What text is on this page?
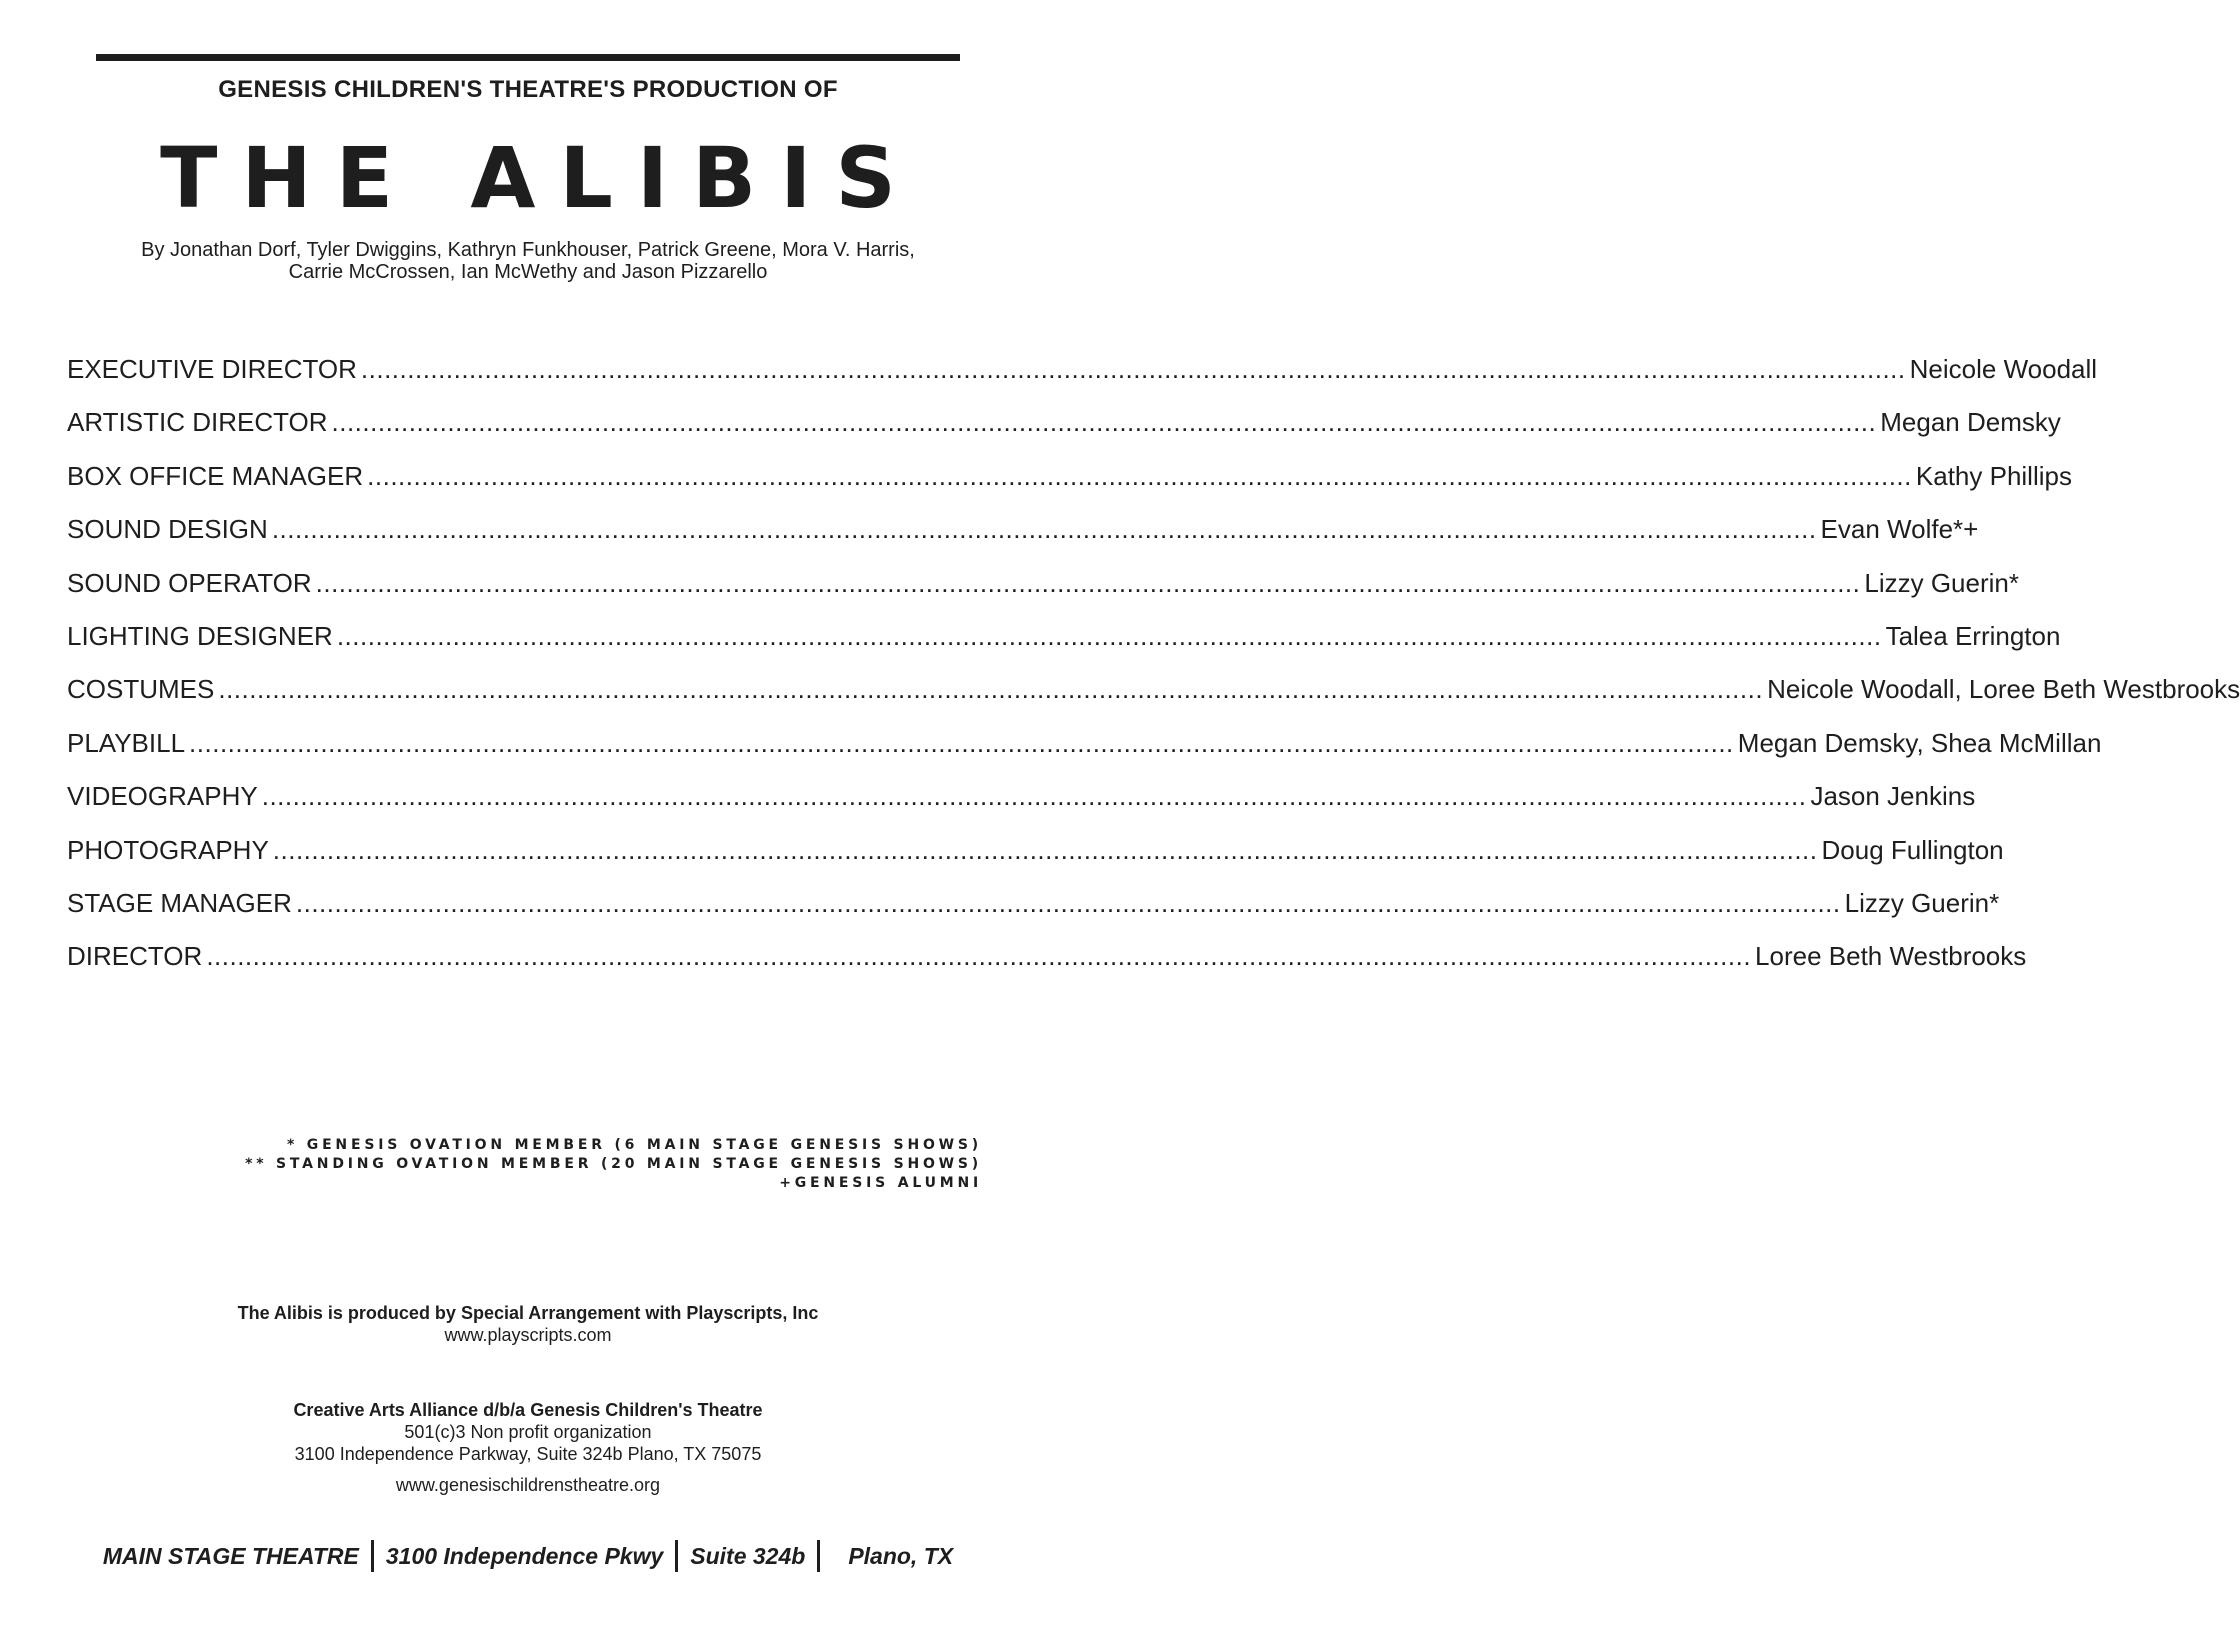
GENESIS CHILDREN'S THEATRE'S PRODUCTION OF
THE ALIBIS
By Jonathan Dorf, Tyler Dwiggins, Kathryn Funkhouser, Patrick Greene, Mora V. Harris,
Carrie McCrossen, Ian McWethy and Jason Pizzarello
EXECUTIVE DIRECTOR ........................................................................................................................................................................................................ Neicole Woodall
ARTISTIC DIRECTOR ........................................................................................................................................................................................................ Megan Demsky
BOX OFFICE MANAGER ........................................................................................................................................................................................................ Kathy Phillips
SOUND DESIGN ........................................................................................................................................................................................................ Evan Wolfe*+
SOUND OPERATOR ........................................................................................................................................................................................................ Lizzy Guerin*
LIGHTING DESIGNER ........................................................................................................................................................................................................ Talea Errington
COSTUMES ........................................................................................................................................................................................................ Neicole Woodall, Loree Beth Westbrooks
PLAYBILL ........................................................................................................................................................................................................ Megan Demsky, Shea McMillan
VIDEOGRAPHY ........................................................................................................................................................................................................ Jason Jenkins
PHOTOGRAPHY ........................................................................................................................................................................................................ Doug Fullington
STAGE MANAGER ........................................................................................................................................................................................................ Lizzy Guerin*
DIRECTOR ........................................................................................................................................................................................................ Loree Beth Westbrooks
* GENESIS OVATION MEMBER (6 MAIN STAGE GENESIS SHOWS)
** STANDING OVATION MEMBER (20 MAIN STAGE GENESIS SHOWS)
+GENESIS ALUMNI
The Alibis is produced by Special Arrangement with Playscripts, Inc
www.playscripts.com
Creative Arts Alliance d/b/a Genesis Children's Theatre
501(c)3 Non profit organization
3100 Independence Parkway, Suite 324b Plano, TX 75075
www.genesischildrenstheatre.org
MAIN STAGE THEATRE 3100 Independence Pkwy Suite 324b Plano, TX
